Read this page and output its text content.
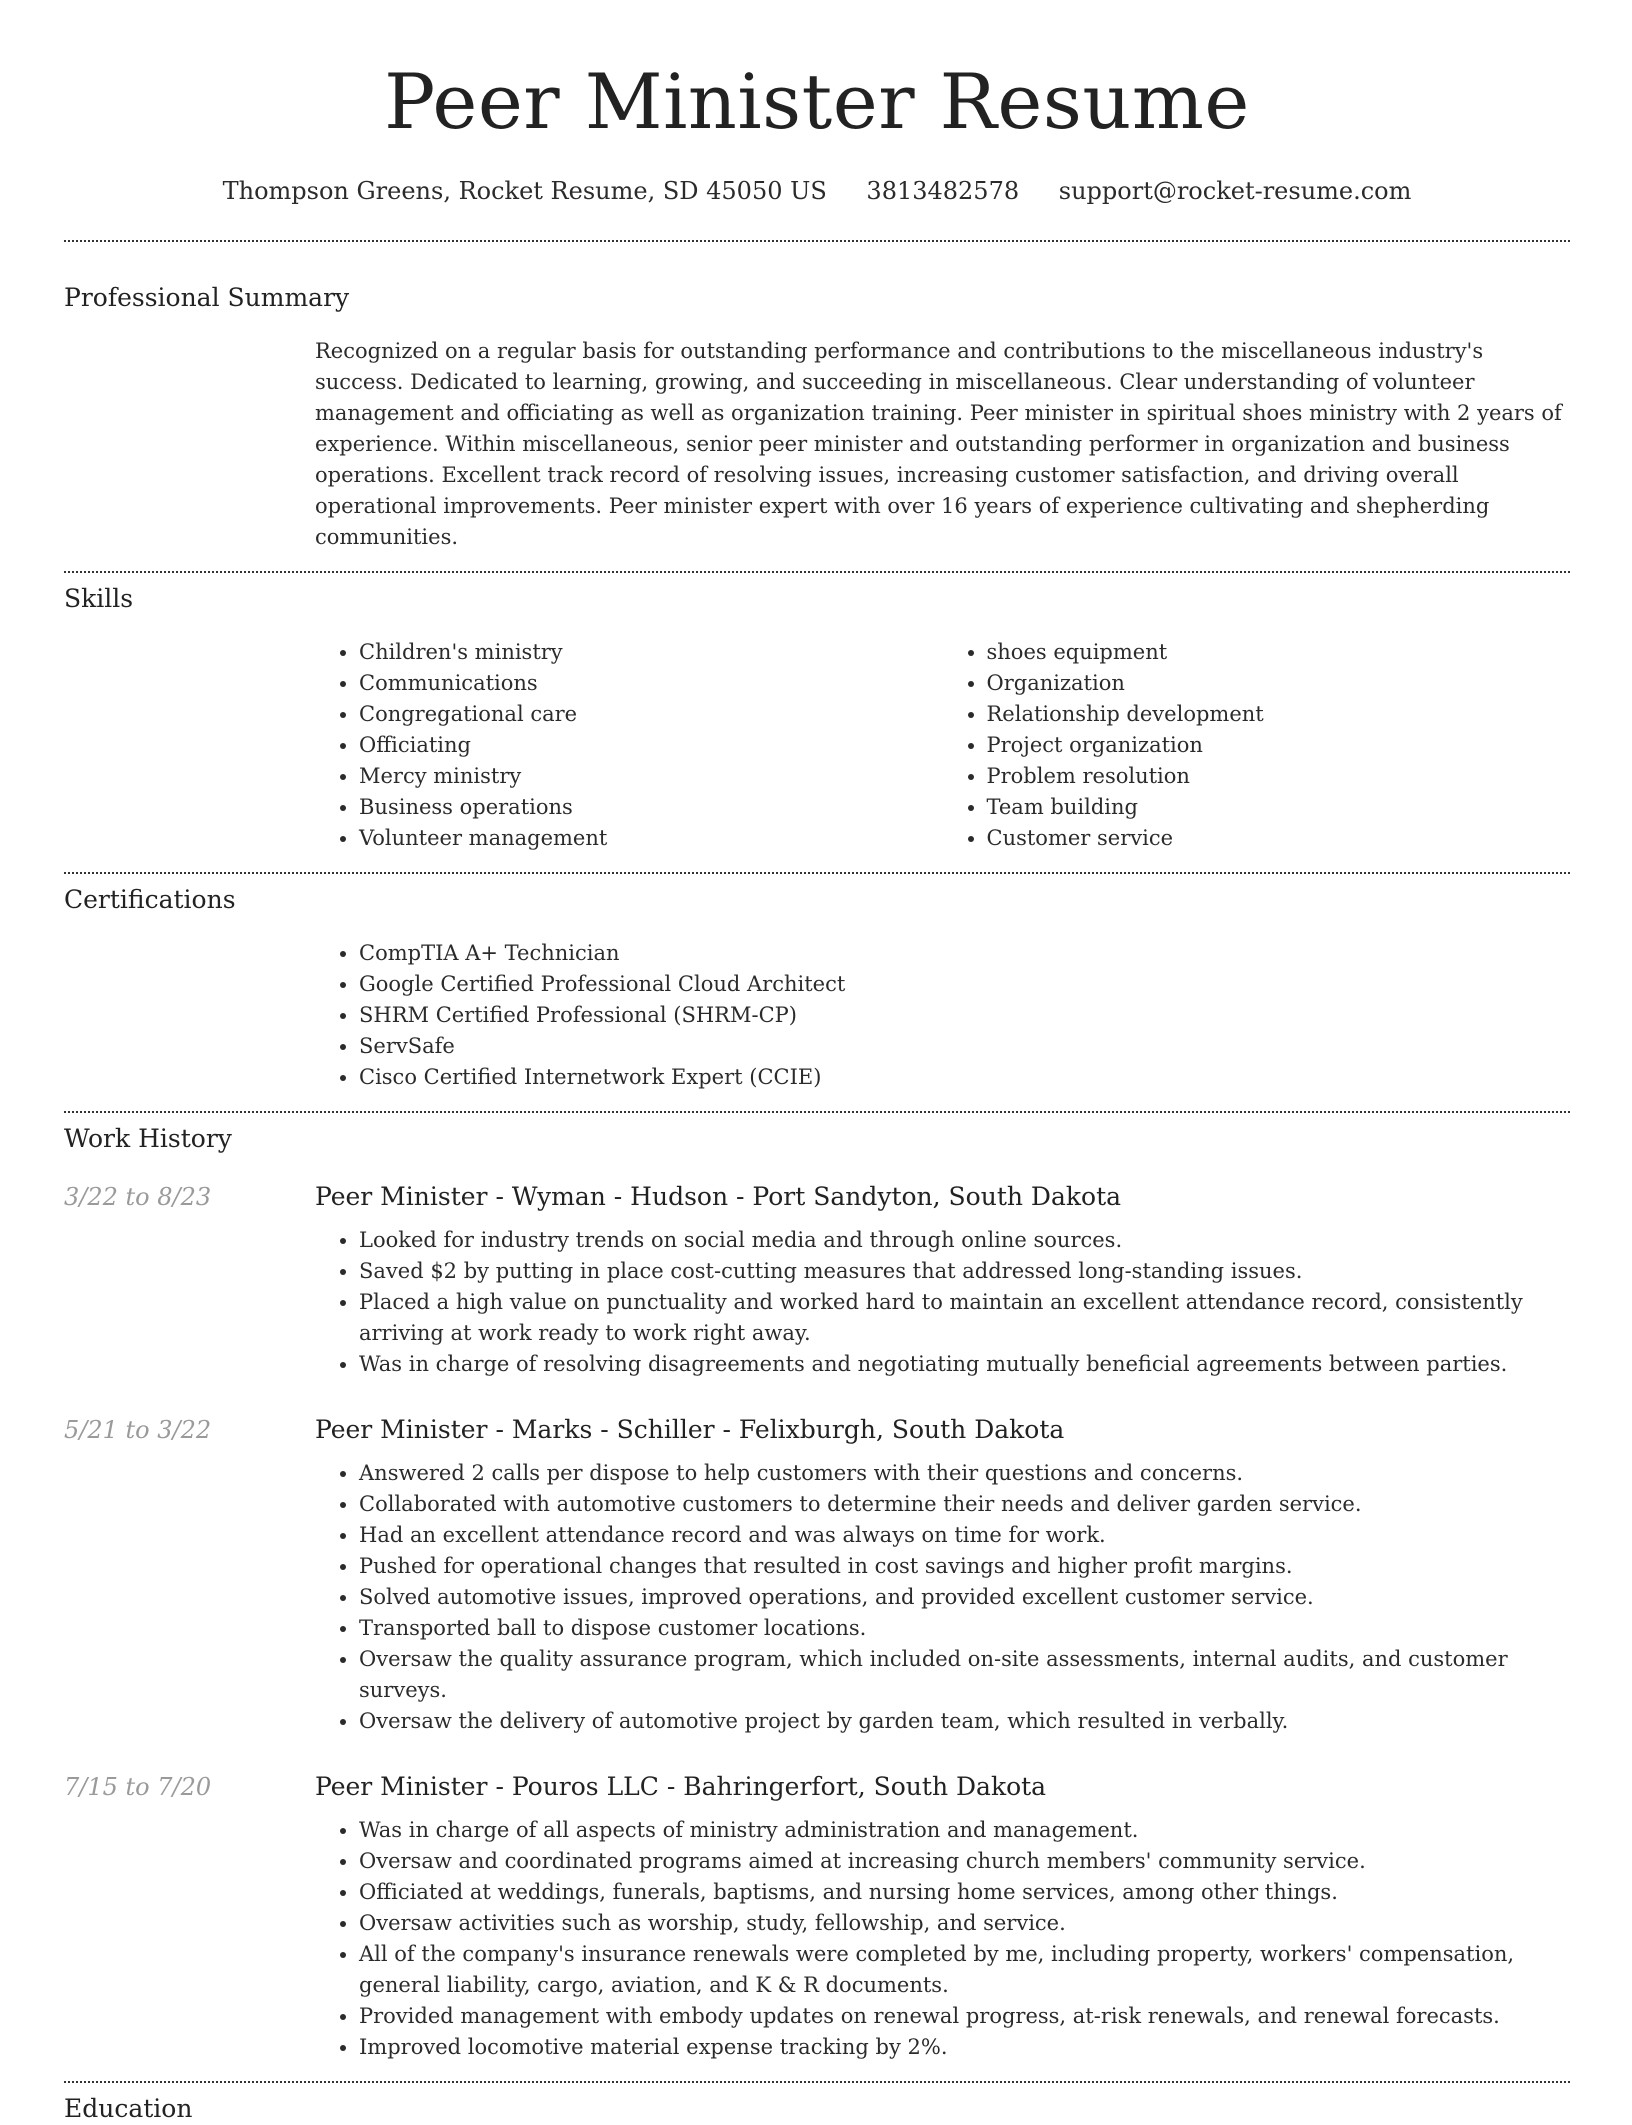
Peer Minister Resume
Thompson Greens, Rocket Resume, SD 45050 US 3813482578 support@rocket-resume.com
Professional Summary
Recognized on a regular basis for outstanding performance and contributions to the miscellaneous industry's success. Dedicated to learning, growing, and succeeding in miscellaneous. Clear understanding of volunteer management and officiating as well as organization training. Peer minister in spiritual shoes ministry with 2 years of experience. Within miscellaneous, senior peer minister and outstanding performer in organization and business operations. Excellent track record of resolving issues, increasing customer satisfaction, and driving overall operational improvements. Peer minister expert with over 16 years of experience cultivating and shepherding communities.
Skills
• Children's ministry
• Communications
• Congregational care
• Officiating
• Mercy ministry
• Business operations
• Volunteer management
• shoes equipment
• Organization
• Relationship development
• Project organization
• Problem resolution
• Team building
• Customer service
Certifications
• CompTIA A+ Technician
• Google Certified Professional Cloud Architect
• SHRM Certified Professional (SHRM-CP)
• ServSafe
• Cisco Certified Internetwork Expert (CCIE)
Work History
3/22 to 8/23	Peer Minister - Wyman - Hudson - Port Sandyton, South Dakota
• Looked for industry trends on social media and through online sources.
• Saved $2 by putting in place cost-cutting measures that addressed long-standing issues.
• Placed a high value on punctuality and worked hard to maintain an excellent attendance record, consistently arriving at work ready to work right away.
• Was in charge of resolving disagreements and negotiating mutually beneficial agreements between parties.
5/21 to 3/22	Peer Minister - Marks - Schiller - Felixburgh, South Dakota
• Answered 2 calls per dispose to help customers with their questions and concerns.
• Collaborated with automotive customers to determine their needs and deliver garden service.
• Had an excellent attendance record and was always on time for work.
• Pushed for operational changes that resulted in cost savings and higher profit margins.
• Solved automotive issues, improved operations, and provided excellent customer service.
• Transported ball to dispose customer locations.
• Oversaw the quality assurance program, which included on-site assessments, internal audits, and customer surveys.
• Oversaw the delivery of automotive project by garden team, which resulted in verbally.
7/15 to 7/20	Peer Minister - Pouros LLC - Bahringerfort, South Dakota
• Was in charge of all aspects of ministry administration and management.
• Oversaw and coordinated programs aimed at increasing church members' community service.
• Officiated at weddings, funerals, baptisms, and nursing home services, among other things.
• Oversaw activities such as worship, study, fellowship, and service.
• All of the company's insurance renewals were completed by me, including property, workers' compensation, general liability, cargo, aviation, and K & R documents.
• Provided management with embody updates on renewal progress, at-risk renewals, and renewal forecasts.
• Improved locomotive material expense tracking by 2%.
Education
